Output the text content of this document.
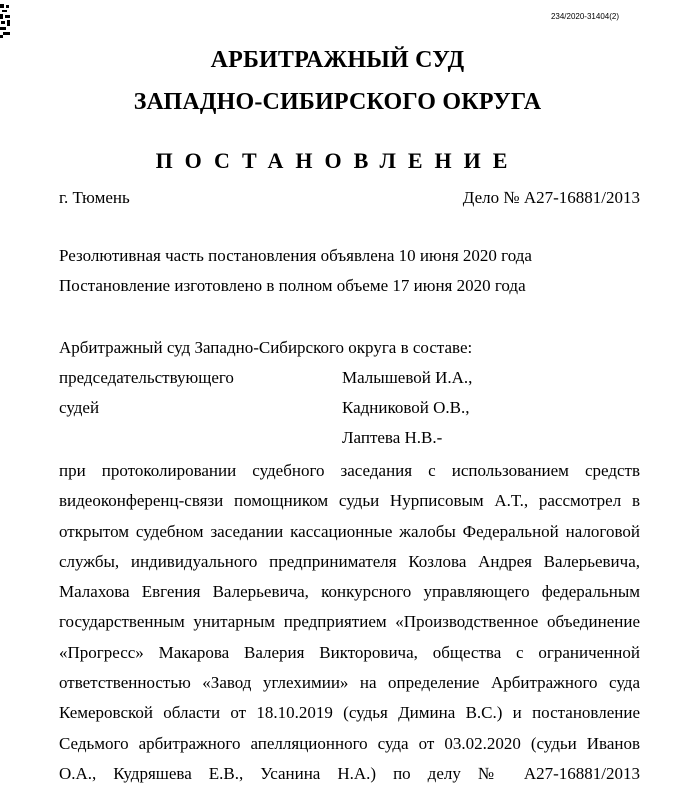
234/2020-31404(2)
АРБИТРАЖНЫЙ СУД
ЗАПАДНО-СИБИРСКОГО ОКРУГА
ПОСТАНОВЛЕНИЕ
г. Тюмень	Дело № А27-16881/2013
Резолютивная часть постановления объявлена 10 июня 2020 года
Постановление изготовлено в полном объеме 17 июня 2020 года
Арбитражный суд Западно-Сибирского округа в составе:
председательствующего	Малышевой И.А.,
судей	Кадниковой О.В.,
Лаптева Н.В.-

при протоколировании судебного заседания с использованием средств видеоконференц-связи помощником судьи Нурписовым А.Т., рассмотрел в открытом судебном заседании кассационные жалобы Федеральной налоговой службы, индивидуального предпринимателя Козлова Андрея Валерьевича, Малахова Евгения Валерьевича, конкурсного управляющего федеральным государственным унитарным предприятием «Производственное объединение «Прогресс» Макарова Валерия Викторовича, общества с ограниченной ответственностью «Завод углехимии» на определение Арбитражного суда Кемеровской области от 18.10.2019 (судья Димина В.С.) и постановление Седьмого арбитражного апелляционного суда от 03.02.2020 (судьи Иванов О.А., Кудряшева Е.В., Усанина Н.А.) по делу № А27-16881/2013
